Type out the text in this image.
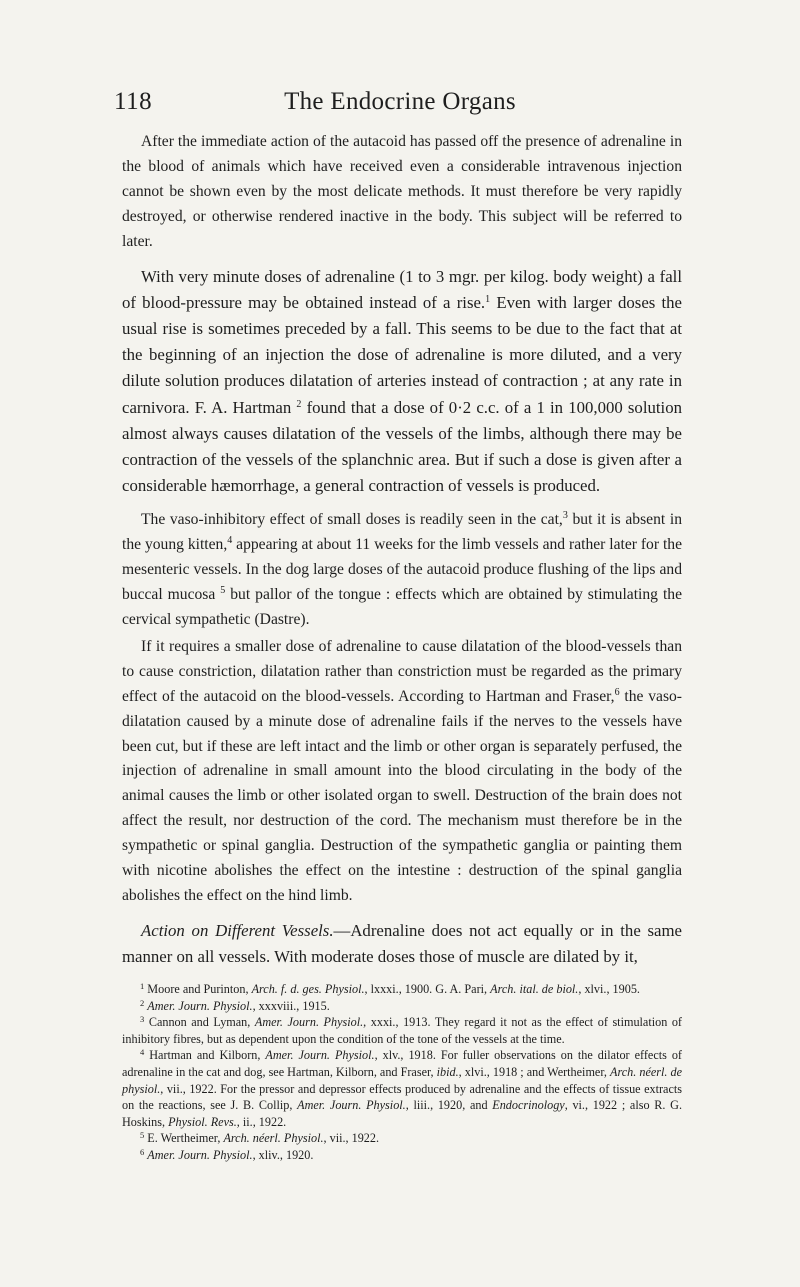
118	The Endocrine Organs

After the immediate action of the autacoid has passed off the presence of adrenaline in the blood of animals which have received even a considerable intravenous injection cannot be shown even by the most delicate methods. It must therefore be very rapidly destroyed, or otherwise rendered inactive in the body. This subject will be referred to later.

With very minute doses of adrenaline (1 to 3 mgr. per kilog. body weight) a fall of blood-pressure may be obtained instead of a rise.$^1$ Even with larger doses the usual rise is sometimes preceded by a fall. This seems to be due to the fact that at the beginning of an injection the dose of adrenaline is more diluted, and a very dilute solution produces dilatation of arteries instead of contraction ; at any rate in carnivora. F. A. Hartman $^2$ found that a dose of 0·2 c.c. of a 1 in 100,000 solution almost always causes dilatation of the vessels of the limbs, although there may be contraction of the vessels of the splanchnic area. But if such a dose is given after a considerable hæmorrhage, a general contraction of vessels is produced.

The vaso-inhibitory effect of small doses is readily seen in the cat,$^3$ but it is absent in the young kitten,$^4$ appearing at about 11 weeks for the limb vessels and rather later for the mesenteric vessels. In the dog large doses of the autacoid produce flushing of the lips and buccal mucosa $^5$ but pallor of the tongue : effects which are obtained by stimulating the cervical sympathetic (Dastre).

If it requires a smaller dose of adrenaline to cause dilatation of the blood-vessels than to cause constriction, dilatation rather than constriction must be regarded as the primary effect of the autacoid on the blood-vessels. According to Hartman and Fraser,$^6$ the vaso-dilatation caused by a minute dose of adrenaline fails if the nerves to the vessels have been cut, but if these are left intact and the limb or other organ is separately perfused, the injection of adrenaline in small amount into the blood circulating in the body of the animal causes the limb or other isolated organ to swell. Destruction of the brain does not affect the result, nor destruction of the cord. The mechanism must therefore be in the sympathetic or spinal ganglia. Destruction of the sympathetic ganglia or painting them with nicotine abolishes the effect on the intestine : destruction of the spinal ganglia abolishes the effect on the hind limb.

Action on Different Vessels.—Adrenaline does not act equally or in the same manner on all vessels. With moderate doses those of muscle are dilated by it,

$^1$ Moore and Purinton, Arch. f. d. ges. Physiol., lxxxi., 1900. G. A. Pari, Arch. ital. de biol., xlvi., 1905.

$^2$ Amer. Journ. Physiol., xxxviii., 1915.

$^3$ Cannon and Lyman, Amer. Journ. Physiol., xxxi., 1913. They regard it not as the effect of stimulation of inhibitory fibres, but as dependent upon the condition of the tone of the vessels at the time.

$^4$ Hartman and Kilborn, Amer. Journ. Physiol., xlv., 1918. For fuller observations on the dilator effects of adrenaline in the cat and dog, see Hartman, Kilborn, and Fraser, ibid., xlvi., 1918 ; and Wertheimer, Arch. néerl. de physiol., vii., 1922. For the pressor and depressor effects produced by adrenaline and the effects of tissue extracts on the reactions, see J. B. Collip, Amer. Journ. Physiol., liii., 1920, and Endocrinology, vi., 1922 ; also R. G. Hoskins, Physiol. Revs., ii., 1922.

$^5$ E. Wertheimer, Arch. néerl. Physiol., vii., 1922.

$^6$ Amer. Journ. Physiol., xliv., 1920.
